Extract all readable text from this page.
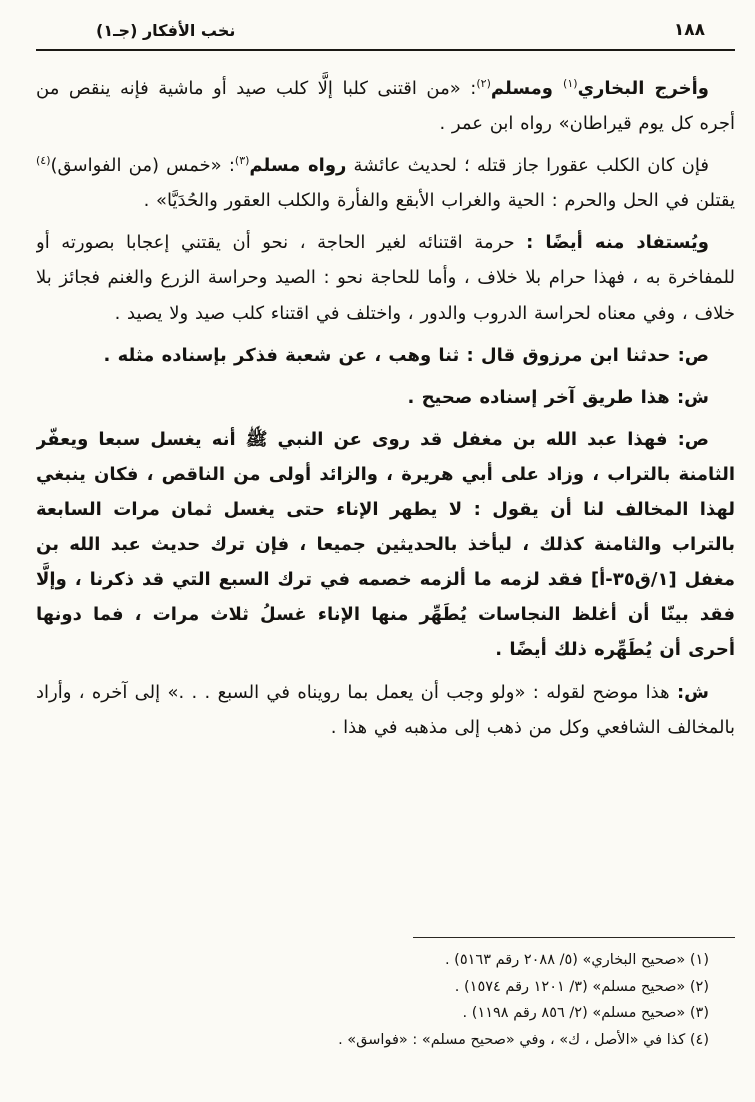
١٨٨
نخب الأفكار (جـ١)

وأخرج البخاري$^{(١)}$ ومسلم$^{(٢)}$: «من اقتنى كلبا إلَّا كلب صيد أو ماشية فإنه ينقص من أجره كل يوم قيراطان» رواه ابن عمر .

فإن كان الكلب عقورا جاز قتله ؛ لحديث عائشة رواه مسلم$^{(٣)}$: «خمس (من الفواسق)$^{(٤)}$ يقتلن في الحل والحرم : الحية والغراب الأبقع والفأرة والكلب العقور والحُدَيَّا» .

ويُستفاد منه أيضًا : حرمة اقتنائه لغير الحاجة ، نحو أن يقتني إعجابا بصورته أو للمفاخرة به ، فهذا حرام بلا خلاف ، وأما للحاجة نحو : الصيد وحراسة الزرع والغنم فجائز بلا خلاف ، وفي معناه لحراسة الدروب والدور ، واختلف في اقتناء كلب صيد ولا يصيد .

ص: حدثنا ابن مرزوق قال : ثنا وهب ، عن شعبة فذكر بإسناده مثله .

ش: هذا طريق آخر إسناده صحيح .

ص: فهذا عبد الله بن مغفل قد روى عن النبي ﷺ أنه يغسل سبعا ويعفّر الثامنة بالتراب ، وزاد على أبي هريرة ، والزائد أولى من الناقص ، فكان ينبغي لهذا المخالف لنا أن يقول : لا يطهر الإناء حتى يغسل ثمان مرات السابعة بالتراب والثامنة كذلك ، ليأخذ بالحديثين جميعا ، فإن ترك حديث عبد الله بن مغفل [١/ق٣٥-أ] فقد لزمه ما ألزمه خصمه في ترك السبع التي قد ذكرنا ، وإلَّا فقد بينّا أن أغلظ النجاسات يُطَهِّر منها الإناء غسلُ ثلاث مرات ، فما دونها أحرى أن يُطَهِّره ذلك أيضًا .

ش: هذا موضح لقوله : «ولو وجب أن يعمل بما رويناه في السبع . . .» إلى آخره ، وأراد بالمخالف الشافعي وكل من ذهب إلى مذهبه في هذا .

(١) «صحيح البخاري» (٥/ ٢٠٨٨ رقم ٥١٦٣) .
(٢) «صحيح مسلم» (٣/ ١٢٠١ رقم ١٥٧٤) .
(٣) «صحيح مسلم» (٢/ ٨٥٦ رقم ١١٩٨) .
(٤) كذا في «الأصل ، ك» ، وفي «صحيح مسلم» : «فواسق» .
